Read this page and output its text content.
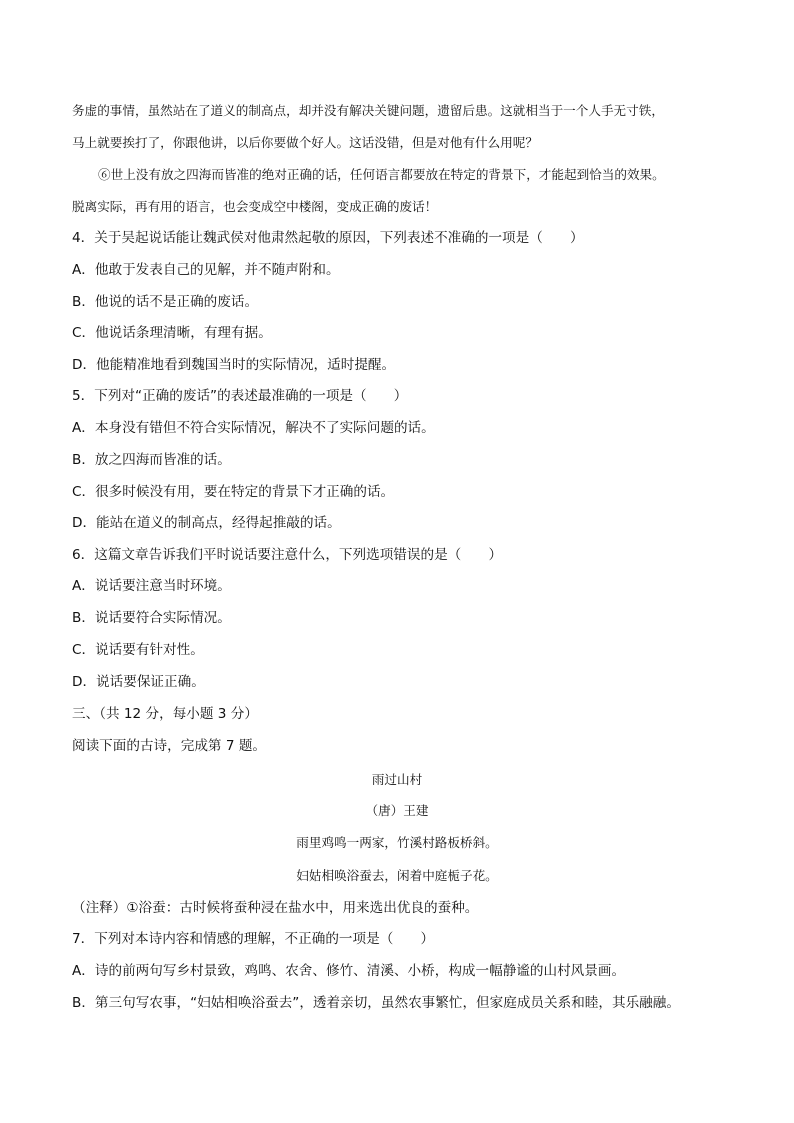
务虚的事情，虽然站在了道义的制高点，却并没有解决关键问题，遗留后患。这就相当于一个人手无寸铁，
马上就要挨打了，你跟他讲，以后你要做个好人。这话没错，但是对他有什么用呢？
⑥世上没有放之四海而皆准的绝对正确的话，任何语言都要放在特定的背景下，才能起到恰当的效果。
脱离实际，再有用的语言，也会变成空中楼阁，变成正确的废话！
4．关于吴起说话能让魏武侯对他肃然起敬的原因，下列表述不准确的一项是（　　）
A．他敢于发表自己的见解，并不随声附和。
B．他说的话不是正确的废话。
C．他说话条理清晰，有理有据。
D．他能精准地看到魏国当时的实际情况，适时提醒。
5．下列对“正确的废话”的表述最准确的一项是（　　）
A．本身没有错但不符合实际情况，解决不了实际问题的话。
B．放之四海而皆准的话。
C．很多时候没有用，要在特定的背景下才正确的话。
D．能站在道义的制高点，经得起推敲的话。
6．这篇文章告诉我们平时说话要注意什么，下列选项错误的是（　　）
A．说话要注意当时环境。
B．说话要符合实际情况。
C．说话要有针对性。
D．说话要保证正确。
三、（共 12 分，每小题 3 分）
阅读下面的古诗，完成第 7 题。
雨过山村
（唐）王建
雨里鸡鸣一两家，竹溪村路板桥斜。
妇姑相唤浴蚕去，闲着中庭栀子花。
（注释）①浴蚕：古时候将蚕种浸在盐水中，用来选出优良的蚕种。
7．下列对本诗内容和情感的理解，不正确的一项是（　　）
A．诗的前两句写乡村景致，鸡鸣、农舍、修竹、清溪、小桥，构成一幅静谧的山村风景画。
B．第三句写农事，“妇姑相唤浴蚕去”，透着亲切，虽然农事繁忙，但家庭成员关系和睦，其乐融融。
